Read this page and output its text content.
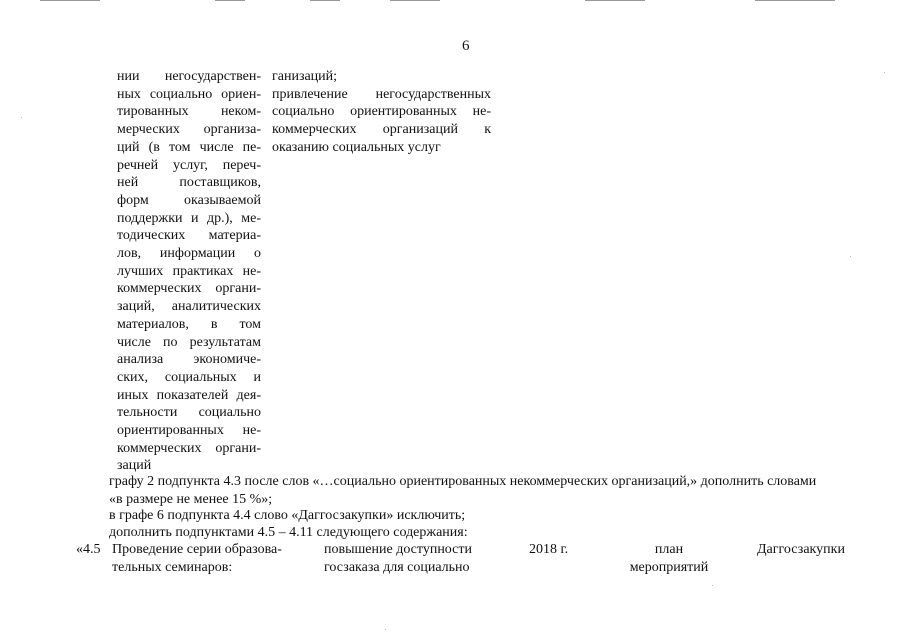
6
нии негосударствен-
ных социально ориен-
тированных неком-
мерческих организа-
ций (в том числе пе-
речней услуг, переч-
ней поставщиков,
форм оказываемой
поддержки и др.), ме-
тодических материа-
лов, информации о
лучших практиках не-
коммерческих органи-
заций, аналитических
материалов, в том
числе по результатам
анализа экономиче-
ских, социальных и
иных показателей дея-
тельности социально
ориентированных не-
коммерческих органи-
заций
ганизаций;
привлечение негосударственных
социально ориентированных не-
коммерческих организаций к
оказанию социальных услуг
графу 2 подпункта 4.3 после слов «…социально ориентированных некоммерческих организаций,» дополнить словами
«в размере не менее 15 %»;
в графе 6 подпункта 4.4 слово «Даггосзакупки» исключить;
дополнить подпунктами 4.5 – 4.11 следующего содержания:
«4.5 Проведение серии образова-
тельных семинаров:
повышение доступности
госзаказа для социально
2018 г.	план
мероприятий
Даггосзакупки
